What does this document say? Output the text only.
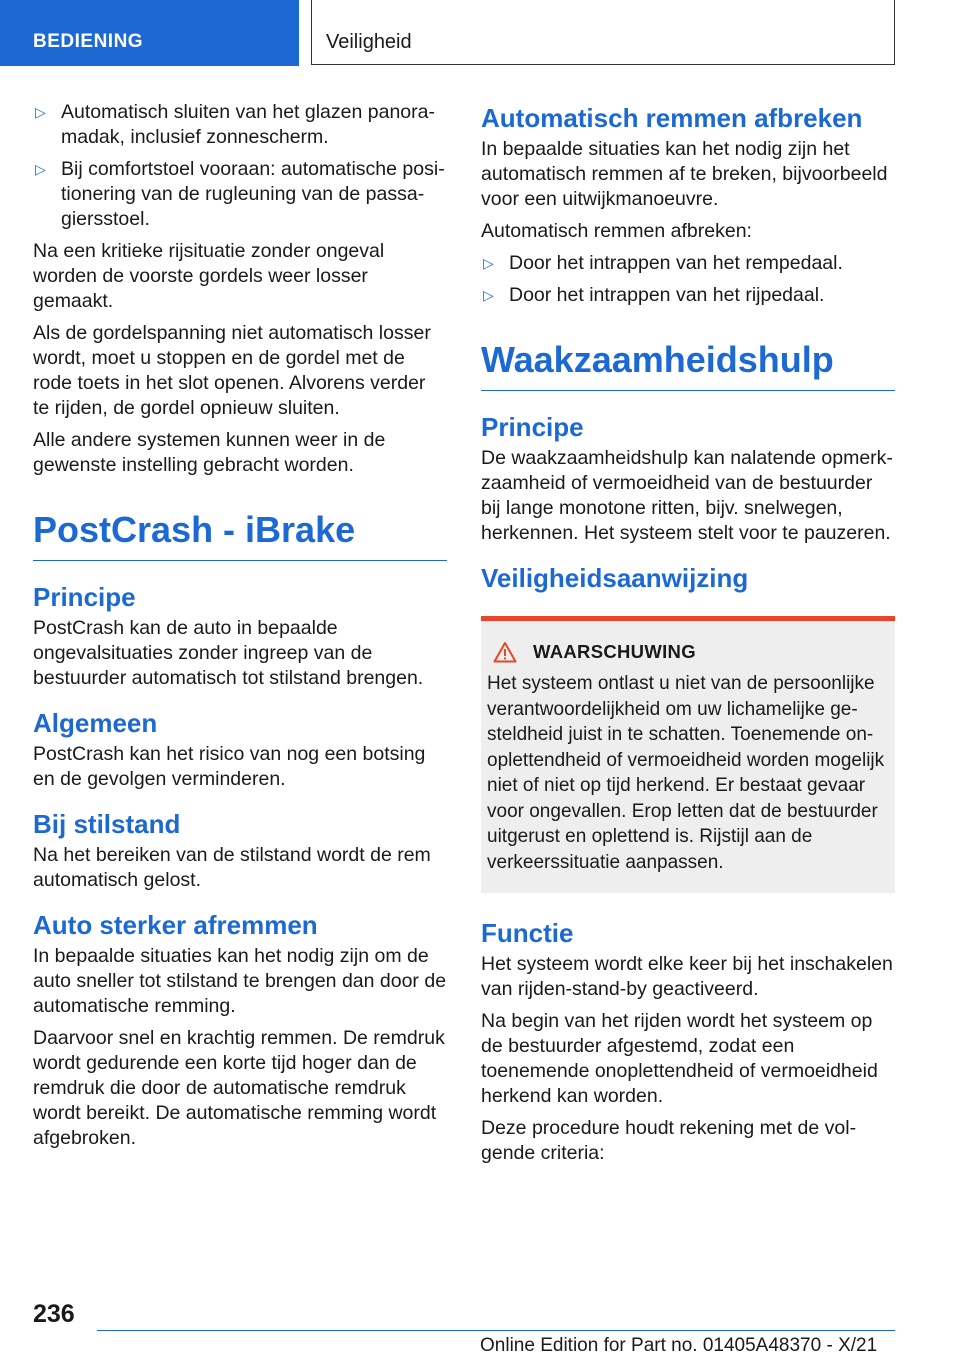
BEDIENING	Veiligheid
▷ Automatisch sluiten van het glazen panoramadak, inclusief zonnescherm.
▷ Bij comfortstoel vooraan: automatische positionering van de rugleuning van de passagiersstoel.

Na een kritieke rijsituatie zonder ongeval worden de voorste gordels weer losser gemaakt.

Als de gordelspanning niet automatisch losser wordt, moet u stoppen en de gordel met de rode toets in het slot openen. Alvorens verder te rijden, de gordel opnieuw sluiten.

Alle andere systemen kunnen weer in de gewenste instelling gebracht worden.

PostCrash - iBrake
Principe

PostCrash kan de auto in bepaalde ongevalsituaties zonder ingreep van de bestuurder automatisch tot stilstand brengen.

Algemeen

PostCrash kan het risico van nog een botsing en de gevolgen verminderen.

Bij stilstand

Na het bereiken van de stilstand wordt de rem automatisch gelost.

Auto sterker afremmen

In bepaalde situaties kan het nodig zijn om de auto sneller tot stilstand te brengen dan door de automatische remming.

Daarvoor snel en krachtig remmen. De remdruk wordt gedurende een korte tijd hoger dan de remdruk die door de automatische remdruk wordt bereikt. De automatische remming wordt afgebroken.

Automatisch remmen afbreken

In bepaalde situaties kan het nodig zijn het automatisch remmen af te breken, bijvoorbeeld voor een uitwijkmanoeuvre.

Automatisch remmen afbreken:

▷ Door het intrappen van het rempedaal.
▷ Door het intrappen van het rijpedaal.
Waakzaamheidshulp
Principe

De waakzaamheidshulp kan nalatende opmerkzaamheid of vermoeidheid van de bestuurder bij lange monotone ritten, bijv. snelwegen, herkennen. Het systeem stelt voor te pauzeren.

Veiligheidsaanwijzing
WAARSCHUWING

Het systeem ontlast u niet van de persoonlijke verantwoordelijkheid om uw lichamelijke gesteldheid juist in te schatten. Toenemende onoplettendheid of vermoeidheid worden mogelijk niet of niet op tijd herkend. Er bestaat gevaar voor ongevallen. Erop letten dat de bestuurder uitgerust en oplettend is. Rijstijl aan de verkeerssituatie aanpassen.

Functie

Het systeem wordt elke keer bij het inschakelen van rijden-stand-by geactiveerd.

Na begin van het rijden wordt het systeem op de bestuurder afgestemd, zodat een toenemende onoplettendheid of vermoeidheid herkend kan worden.

Deze procedure houdt rekening met de volgende criteria:

236
Online Edition for Part no. 01405A48370 - X/21
